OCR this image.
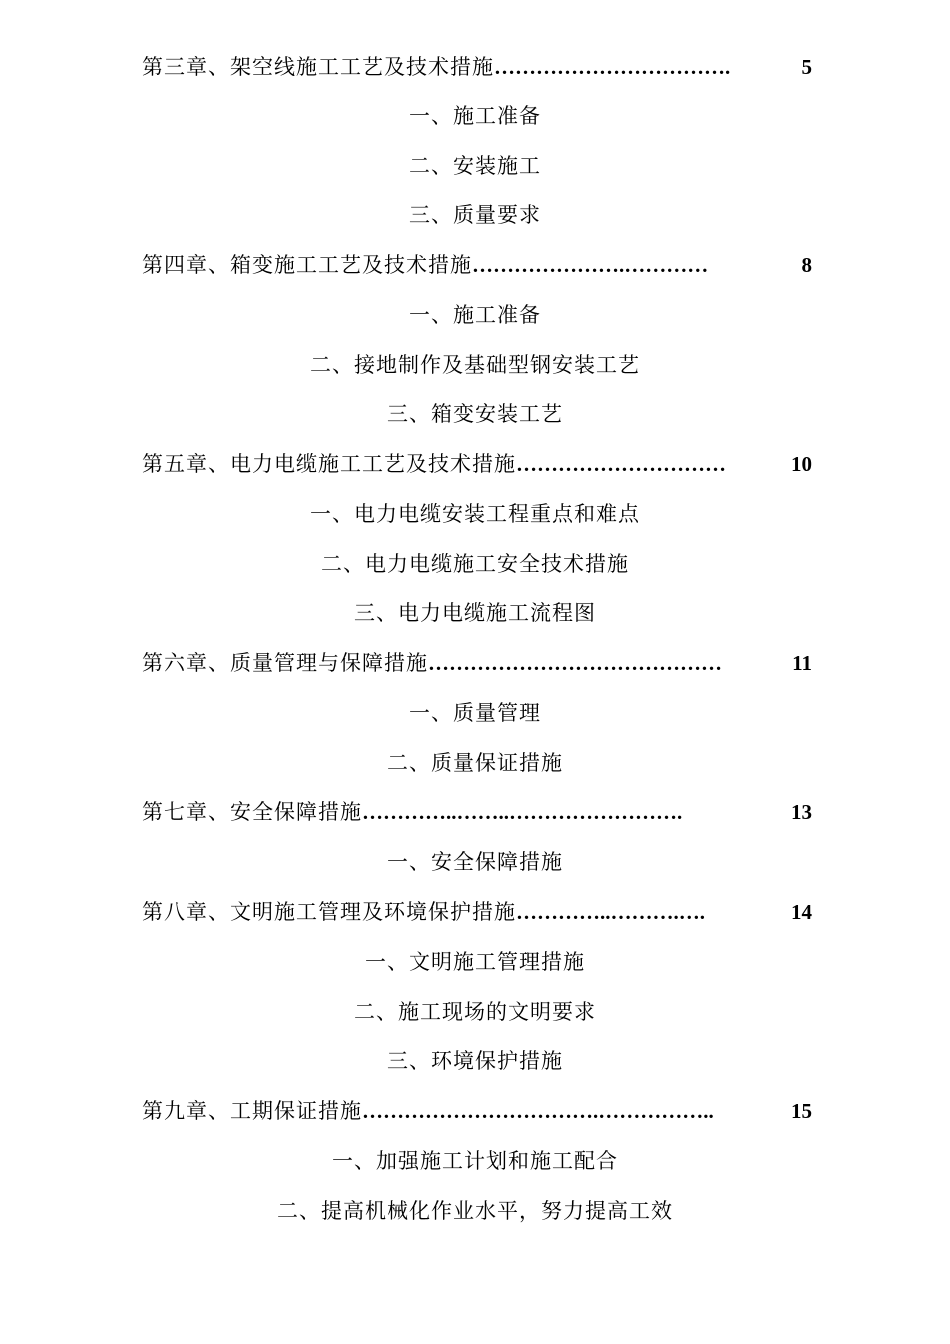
第三章、架空线施工工艺及技术措施 …………………………….	5
一、施工准备
二、安装施工
三、质量要求
第四章、箱变施工工艺及技术措施 ………………….…………	8
一、施工准备
二、接地制作及基础型钢安装工艺
三、箱变安装工艺
第五章、电力电缆施工工艺及技术措施 …………………………	10
一、电力电缆安装工程重点和难点
二、电力电缆施工安全技术措施
三、电力电缆施工流程图
第六章、质量管理与保障措施 ……………………………………	11
一、质量管理
二、质量保证措施
第七章、安全保障措施 …………..……..…………………….	13
一、安全保障措施
第八章、文明施工管理及环境保护措施 …………..……….….	14
一、文明施工管理措施
二、施工现场的文明要求
三、环境保护措施
第九章、工期保证措施 …………………………….……………..	15
一、加强施工计划和施工配合
二、提高机械化作业水平，努力提高工效
